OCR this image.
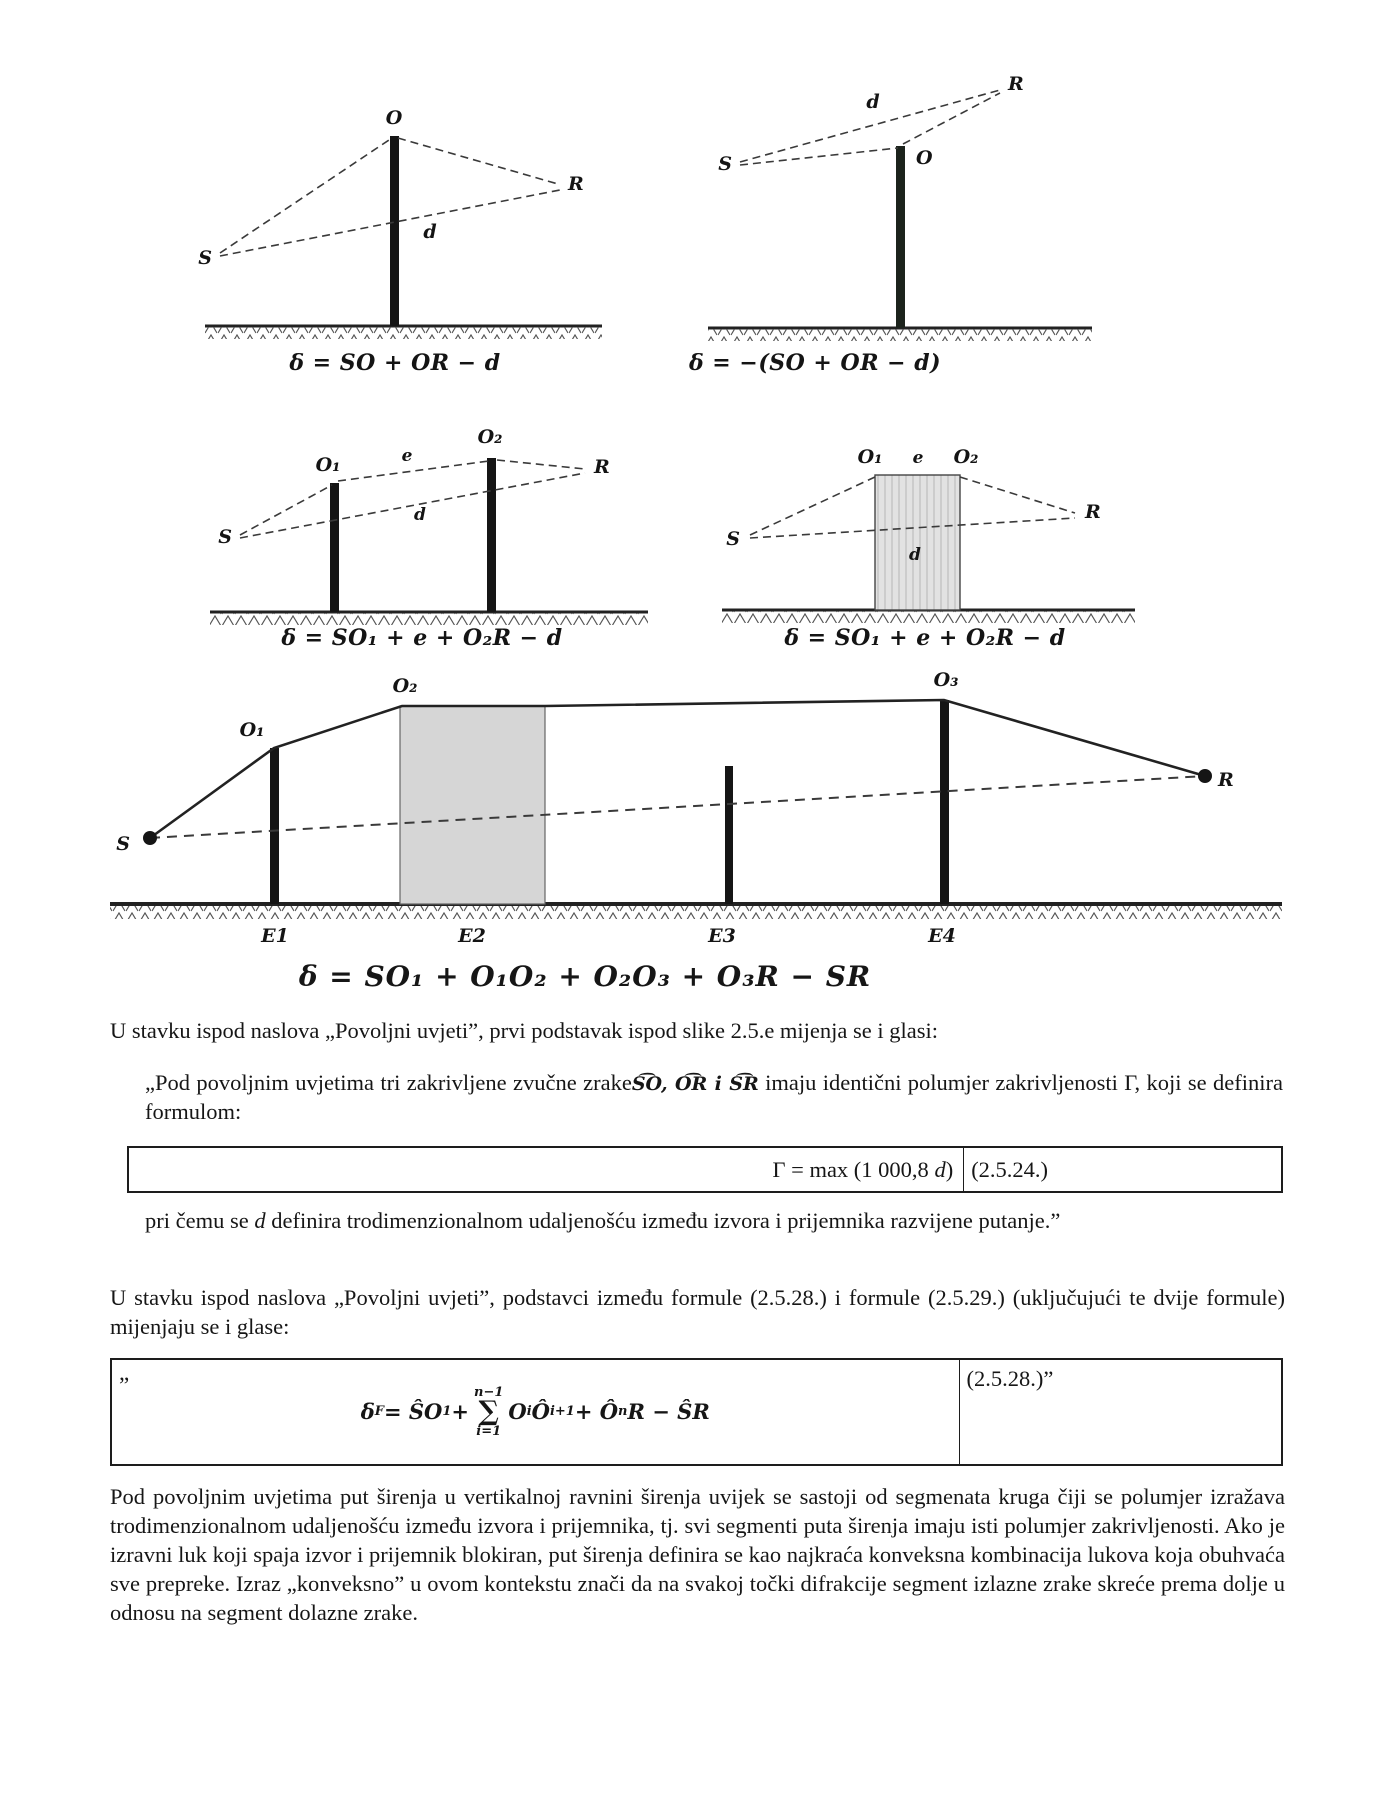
O
S
R
d
δ = SO + OR − d
S
R
O
d
δ = −(SO + OR − d)
S
O₁	e
O₂
R
d
δ = SO₁ + e + O₂R − d
S
O₁ e O₂
R
d
δ = SO₁ + e + O₂R − d
S
O₁
O₂	O₃
R
E1	E2	E3	E4
δ = SO₁ + O₁O₂ + O₂O₃ + O₃R − SR
U stavku ispod naslova „Povoljni uvjeti”, prvi podstavak ispod slike 2.5.e mijenja se i glasi:
„Pod povoljnim uvjetima tri zakrivljene zvučne zrakeS͡O, O͡R i S͡R imaju identični polumjer zakrivljenosti Γ, koji se definira formulom:
Γ = max (1 000,8 d) (2.5.24.)
pri čemu se d definira trodimenzionalnom udaljenošću između izvora i prijemnika razvijene putanje.”
U stavku ispod naslova „Povoljni uvjeti”, podstavci između formule (2.5.28.) i formule (2.5.29.) (uključujući te dvije formule) mijenjaju se i glase:
„
δ F = ŜO 1 +
n−1
∑
i=1
O i Ô i+1 + Ô n R − ŜR
(2.5.28.)”
Pod povoljnim uvjetima put širenja u vertikalnoj ravnini širenja uvijek se sastoji od segmenata kruga čiji se polumjer izražava trodimenzionalnom udaljenošću između izvora i prijemnika, tj. svi segmenti puta širenja imaju isti polumjer zakrivljenosti. Ako je izravni luk koji spaja izvor i prijemnik blokiran, put širenja definira se kao najkraća konveksna kombinacija lukova koja obuhvaća sve prepreke. Izraz „konveksno” u ovom kontekstu znači da na svakoj točki difrakcije segment izlazne zrake skreće prema dolje u odnosu na segment dolazne zrake.
